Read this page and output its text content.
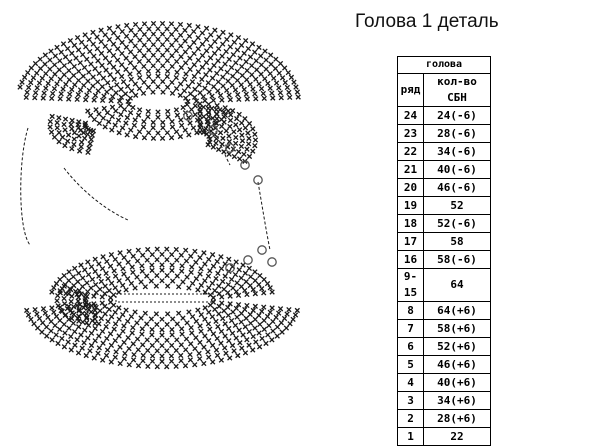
Голова 1 деталь
голова	
ряд	кол-во СБН
24	24(-6)
23	28(-6)
22	34(-6)
21	40(-6)
20	46(-6)
19	52
18	52(-6)
17	58
16	58(-6)
9-15	64
8	64(+6)
7	58(+6)
6	52(+6)
5	46(+6)
4	40(+6)
3	34(+6)
2	28(+6)
1	22
